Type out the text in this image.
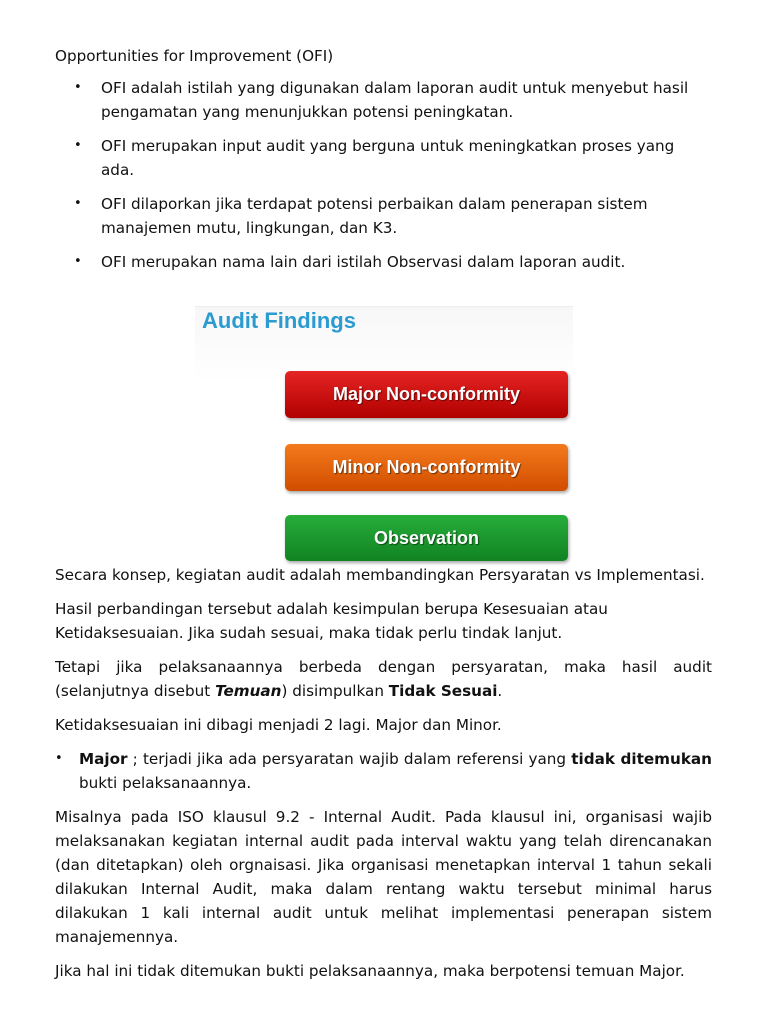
Opportunities for Improvement (OFI)

• OFI adalah istilah yang digunakan dalam laporan audit untuk menyebut hasil pengamatan yang menunjukkan potensi peningkatan.
• OFI merupakan input audit yang berguna untuk meningkatkan proses yang ada.
• OFI dilaporkan jika terdapat potensi perbaikan dalam penerapan sistem manajemen mutu, lingkungan, dan K3.
• OFI merupakan nama lain dari istilah Observasi dalam laporan audit.
Audit Findings
Major Non-conformity
Minor Non-conformity
Observation

Secara konsep, kegiatan audit adalah membandingkan Persyaratan vs Implementasi.

Hasil perbandingan tersebut adalah kesimpulan berupa Kesesuaian atau Ketidaksesuaian. Jika sudah sesuai, maka tidak perlu tindak lanjut.

Tetapi jika pelaksanaannya berbeda dengan persyaratan, maka hasil audit (selanjutnya disebut Temuan) disimpulkan Tidak Sesuai.

Ketidaksesuaian ini dibagi menjadi 2 lagi. Major dan Minor.

• Major ; terjadi jika ada persyaratan wajib dalam referensi yang tidak ditemukan bukti pelaksanaannya.

Misalnya pada ISO klausul 9.2 - Internal Audit. Pada klausul ini, organisasi wajib melaksanakan kegiatan internal audit pada interval waktu yang telah direncanakan (dan ditetapkan) oleh orgnaisasi. Jika organisasi menetapkan interval 1 tahun sekali dilakukan Internal Audit, maka dalam rentang waktu tersebut minimal harus dilakukan 1 kali internal audit untuk melihat implementasi penerapan sistem manajemennya.

Jika hal ini tidak ditemukan bukti pelaksanaannya, maka berpotensi temuan Major.
